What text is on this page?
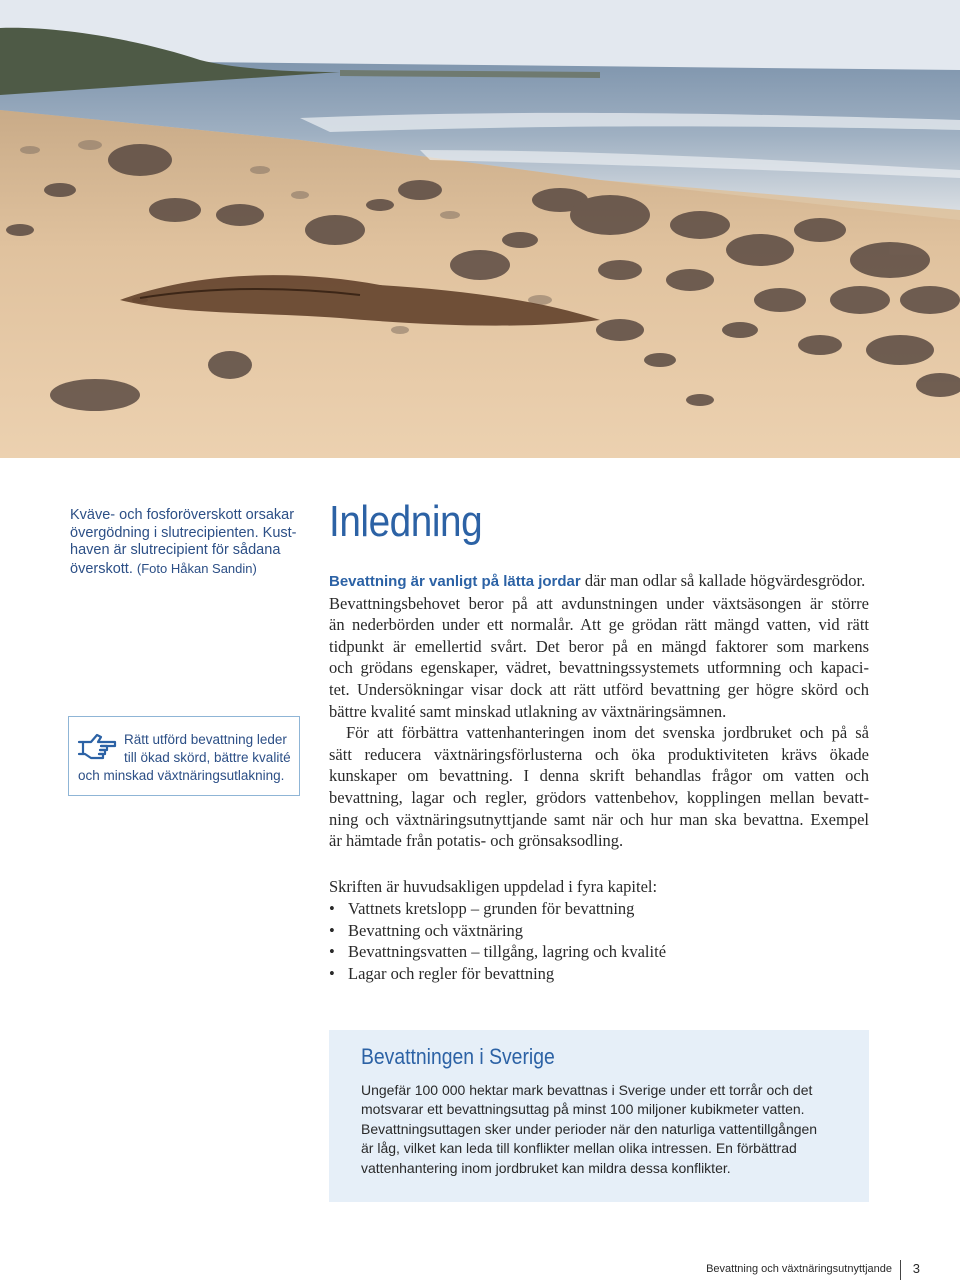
Kväve- och fosforöverskott orsakar
övergödning i slutrecipienten. Kust-
haven är slutrecipient för sådana
överskott. (Foto Håkan Sandin)
Rätt utförd bevattning leder
till ökad skörd, bättre kvalité
och minskad växtnäringsutlakning.
Inledning
Bevattning är vanligt på lätta jordar där man odlar så kallade högvärdesgrödor.
Bevattningsbehovet beror på att avdunstningen under växtsäsongen är större
än nederbörden under ett normalår. Att ge grödan rätt mängd vatten, vid rätt
tidpunkt är emellertid svårt. Det beror på en mängd faktorer som markens
och grödans egenskaper, vädret, bevattningssystemets utformning och kapaci-
tet. Undersökningar visar dock att rätt utförd bevattning ger högre skörd och
bättre kvalité samt minskad utlakning av växtnäringsämnen.
För att förbättra vattenhanteringen inom det svenska jordbruket och på så
sätt reducera växtnäringsförlusterna och öka produktiviteten krävs ökade
kunskaper om bevattning. I denna skrift behandlas frågor om vatten och
bevattning, lagar och regler, grödors vattenbehov, kopplingen mellan bevatt-
ning och växtnäringsutnyttjande samt när och hur man ska bevattna. Exempel
är hämtade från potatis- och grönsaksodling.
Skriften är huvudsakligen uppdelad i fyra kapitel:
• Vattnets kretslopp – grunden för bevattning
• Bevattning och växtnäring
• Bevattningsvatten – tillgång, lagring och kvalité
• Lagar och regler för bevattning
Bevattningen i Sverige
Ungefär 100 000 hektar mark bevattnas i Sverige under ett torrår och det
motsvarar ett bevattningsuttag på minst 100 miljoner kubikmeter vatten.
Bevattningsuttagen sker under perioder när den naturliga vattentillgången
är låg, vilket kan leda till konflikter mellan olika intressen. En förbättrad
vattenhantering inom jordbruket kan mildra dessa konflikter.
Bevattning och växtnäringsutnyttjande 3
